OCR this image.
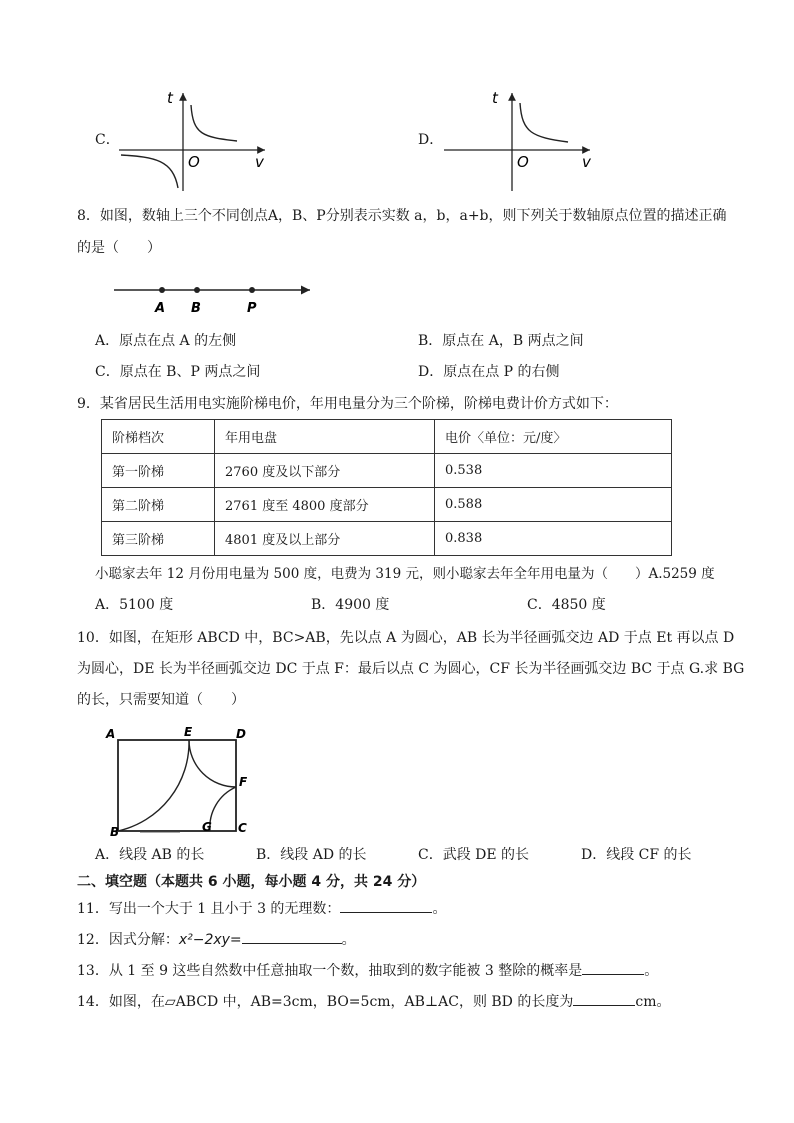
C．
t
O	v
D．
t
O	v
8．如图，数轴上三个不同创点A，B、P分别表示实数 a，b，a+b，则下列关于数轴原点位置的描述正确
的是（　　）
A B	P
A．原点在点 A 的左侧	B．原点在 A，B 两点之间
C．原点在 B、P 两点之间	D．原点在点 P 的右侧
9．某省居民生活用电实施阶梯电价，年用电量分为三个阶梯，阶梯电费计价方式如下：
阶梯档次	年用电盘	电价〈单位：元/度〉
第一阶梯	2760 度及以下部分	0.538
第二阶梯	2761 度至 4800 度部分	0.588
第三阶梯	4801 度及以上部分	0.838
小聪家去年 12 月份用电量为 500 度，电费为 319 元，则小聪家去年全年用电量为（　　）A.5259 度
A．5100 度	B．4900 度	C．4850 度
10．如图，在矩形 ABCD 中，BC>AB，先以点 A 为圆心，AB 长为半径画弧交边 AD 于点 Et 再以点 D
为圆心，DE 长为半径画弧交边 DC 于点 F：最后以点 C 为圆心，CF 长为半径画弧交边 BC 于点 G.求 BG
的长，只需要知道（　　）
A	E	D
F
B	G C
A．线段 AB 的长	B．线段 AD 的长	C．武段 DE 的长	D．线段 CF 的长
二、填空题（本题共 6 小题，每小题 4 分，共 24 分）
11．写出一个大于 1 且小于 3 的无理数：	。
12．因式分解：x²−2xy=	。
13．从 1 至 9 这些自然数中任意抽取一个数，抽取到的数字能被 3 整除的概率是	。
14．如图，在▱ABCD 中，AB=3cm，BO=5cm，AB⊥AC，则 BD 的长度为	cm。
